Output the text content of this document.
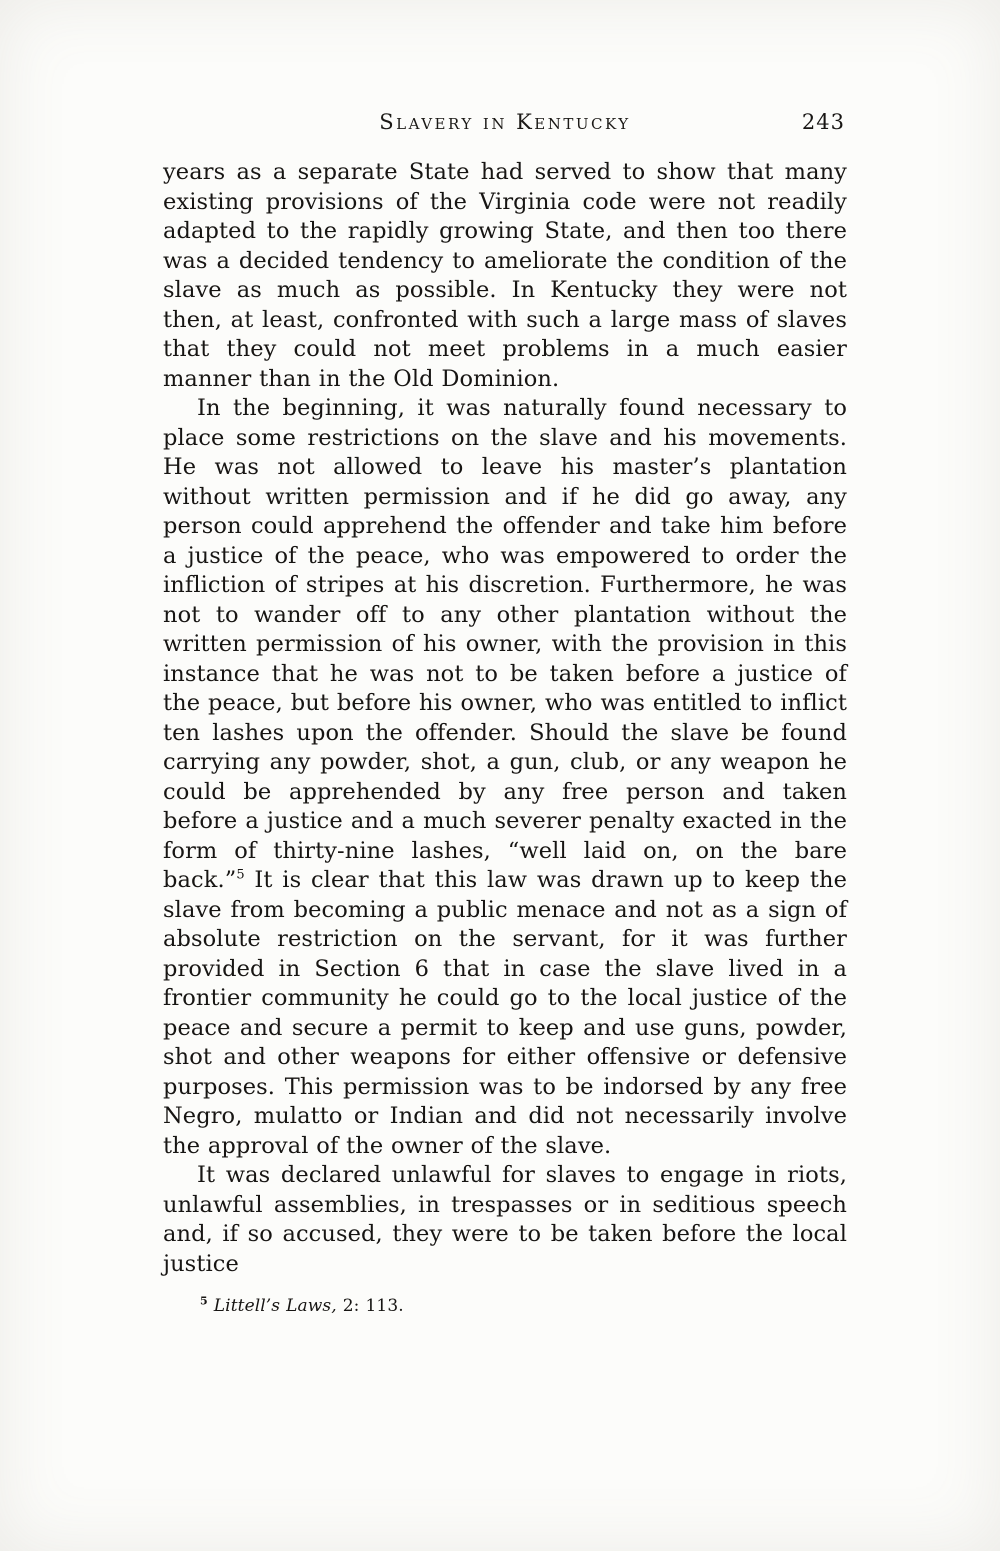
Slavery in Kentucky	243

years as a separate State had served to show that many existing provisions of the Virginia code were not readily adapted to the rapidly growing State, and then too there was a decided tendency to ameliorate the condition of the slave as much as possible. In Kentucky they were not then, at least, confronted with such a large mass of slaves that they could not meet problems in a much easier manner than in the Old Dominion.

In the beginning, it was naturally found necessary to place some restrictions on the slave and his movements. He was not allowed to leave his master’s plantation without written permission and if he did go away, any person could apprehend the offender and take him before a justice of the peace, who was empowered to order the infliction of stripes at his discretion. Furthermore, he was not to wander off to any other plantation without the written permission of his owner, with the provision in this instance that he was not to be taken before a justice of the peace, but before his owner, who was entitled to inflict ten lashes upon the offender. Should the slave be found carrying any powder, shot, a gun, club, or any weapon he could be apprehended by any free person and taken before a justice and a much severer penalty exacted in the form of thirty-nine lashes, “well laid on, on the bare back.”$^5$ It is clear that this law was drawn up to keep the slave from becoming a public menace and not as a sign of absolute restriction on the servant, for it was further provided in Section 6 that in case the slave lived in a frontier community he could go to the local justice of the peace and secure a permit to keep and use guns, powder, shot and other weapons for either offensive or defensive purposes. This permission was to be indorsed by any free Negro, mulatto or Indian and did not necessarily involve the approval of the owner of the slave.

It was declared unlawful for slaves to engage in riots, unlawful assemblies, in trespasses or in seditious speech and, if so accused, they were to be taken before the local justice

$^5$ Littell’s Laws, 2: 113.
